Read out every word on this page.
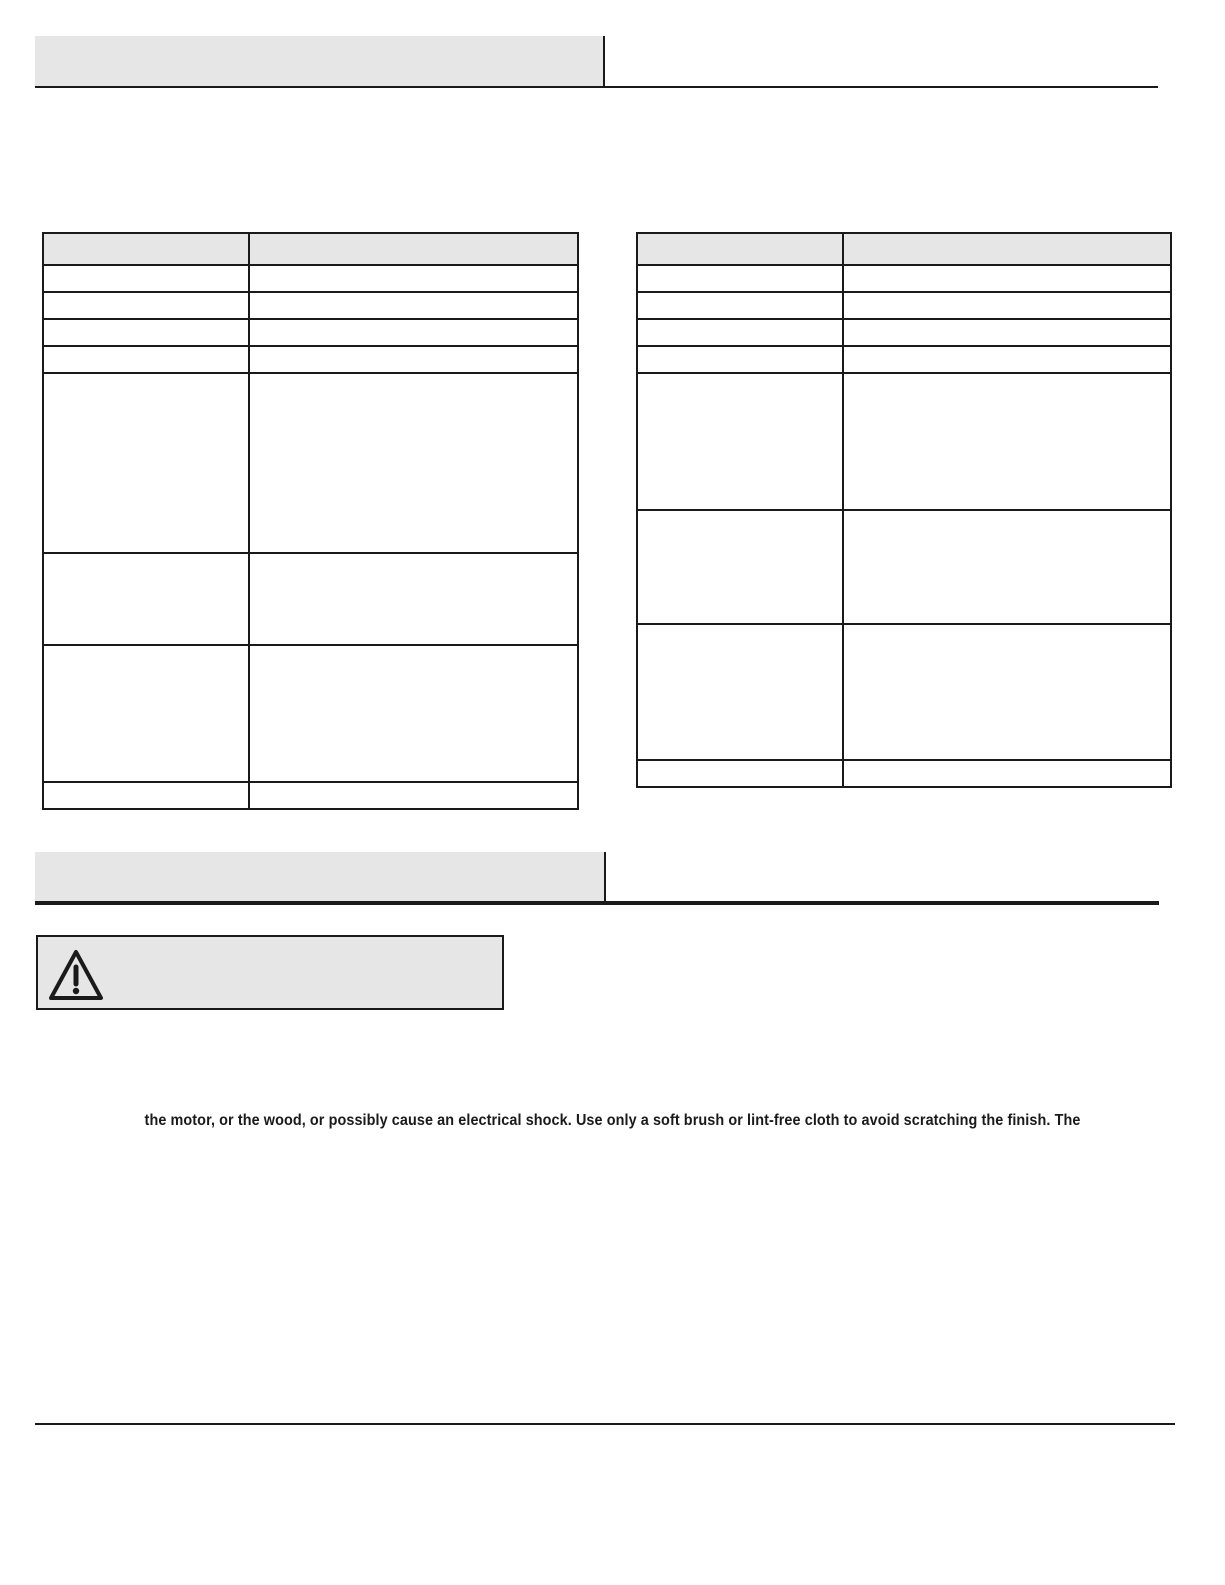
the motor, or the wood, or possibly cause an electrical shock. Use only a soft brush or lint-free cloth to avoid scratching the finish. The
